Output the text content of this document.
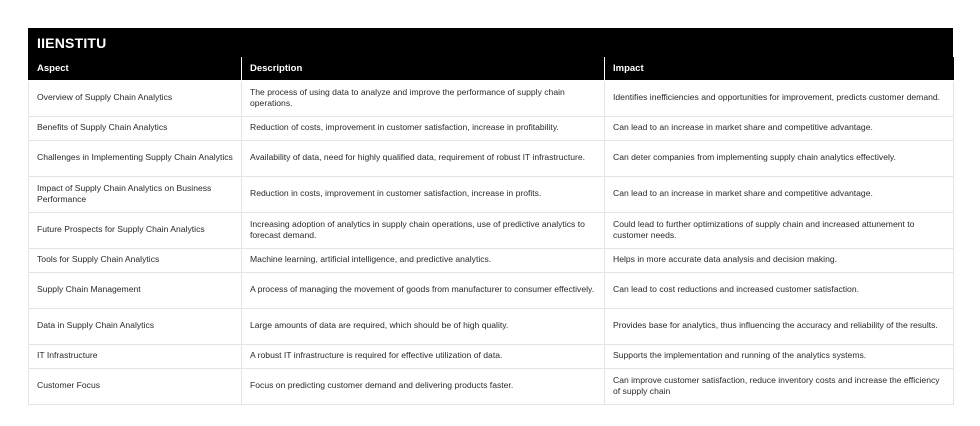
IIENSTITU
Aspect	Description	Impact
Overview of Supply Chain Analytics	The process of using data to analyze and improve the performance of supply chain operations.	Identifies inefficiencies and opportunities for improvement, predicts customer demand.
Benefits of Supply Chain Analytics	Reduction of costs, improvement in customer satisfaction, increase in profitability.	Can lead to an increase in market share and competitive advantage.
Challenges in Implementing Supply Chain Analytics	Availability of data, need for highly qualified data, requirement of robust IT infrastructure.	Can deter companies from implementing supply chain analytics effectively.
Impact of Supply Chain Analytics on Business Performance	Reduction in costs, improvement in customer satisfaction, increase in profits.	Can lead to an increase in market share and competitive advantage.
Future Prospects for Supply Chain Analytics	Increasing adoption of analytics in supply chain operations, use of predictive analytics to forecast demand.	Could lead to further optimizations of supply chain and increased attunement to customer needs.
Tools for Supply Chain Analytics	Machine learning, artificial intelligence, and predictive analytics.	Helps in more accurate data analysis and decision making.
Supply Chain Management	A process of managing the movement of goods from manufacturer to consumer effectively.	Can lead to cost reductions and increased customer satisfaction.
Data in Supply Chain Analytics	Large amounts of data are required, which should be of high quality.	Provides base for analytics, thus influencing the accuracy and reliability of the results.
IT Infrastructure	A robust IT infrastructure is required for effective utilization of data.	Supports the implementation and running of the analytics systems.
Customer Focus	Focus on predicting customer demand and delivering products faster.	Can improve customer satisfaction, reduce inventory costs and increase the efficiency of supply chain
